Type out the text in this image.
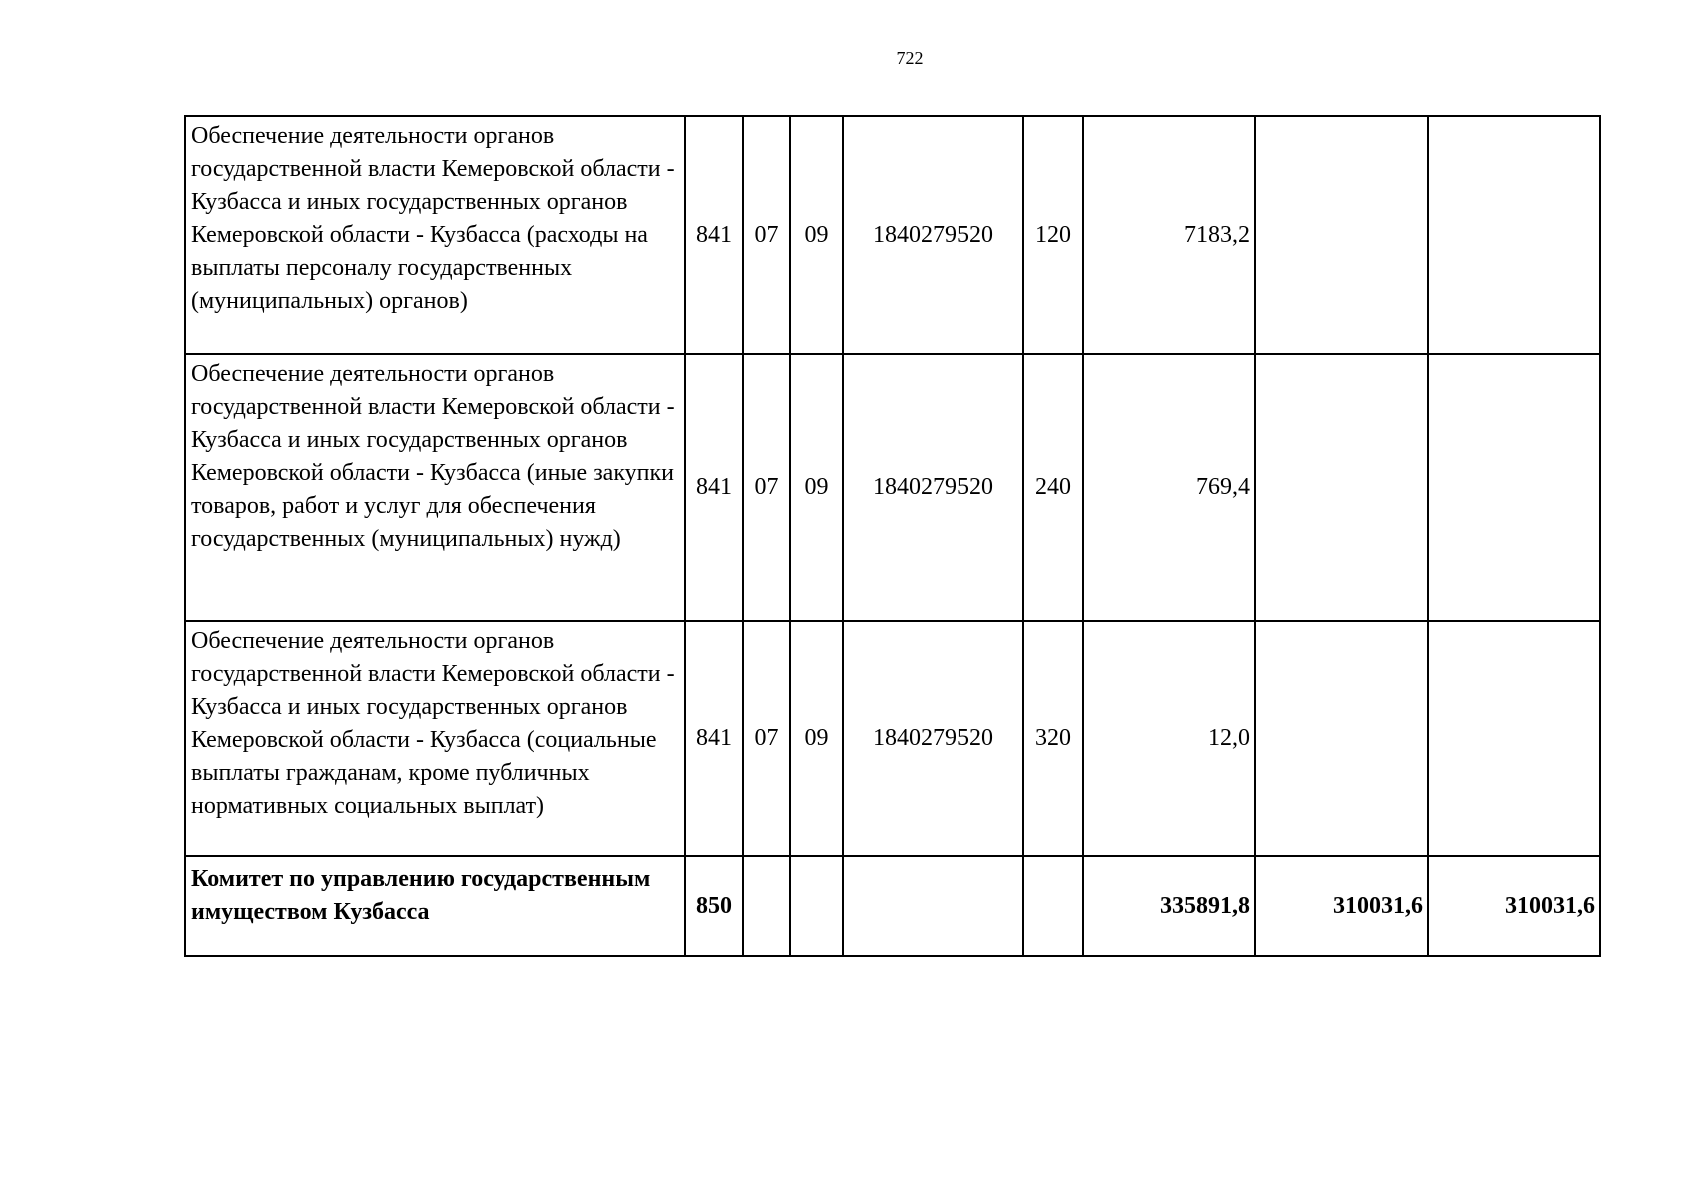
722
Обеспечение деятельности органов государственной власти Кемеровской области - Кузбасса и иных государственных органов Кемеровской области - Кузбасса (расходы на выплаты персоналу государственных (муниципальных) органов)	841	07	09	1840279520	120	7183,2		
Обеспечение деятельности органов государственной власти Кемеровской области - Кузбасса и иных государственных органов Кемеровской области - Кузбасса (иные закупки товаров, работ и услуг для обеспечения государственных (муниципальных) нужд)	841	07	09	1840279520	240	769,4		
Обеспечение деятельности органов государственной власти Кемеровской области - Кузбасса и иных государственных органов Кемеровской области - Кузбасса (социальные выплаты гражданам, кроме публичных нормативных социальных выплат)	841	07	09	1840279520	320	12,0		
Комитет по управлению государственным имуществом Кузбасса	850					335891,8	310031,6	310031,6
